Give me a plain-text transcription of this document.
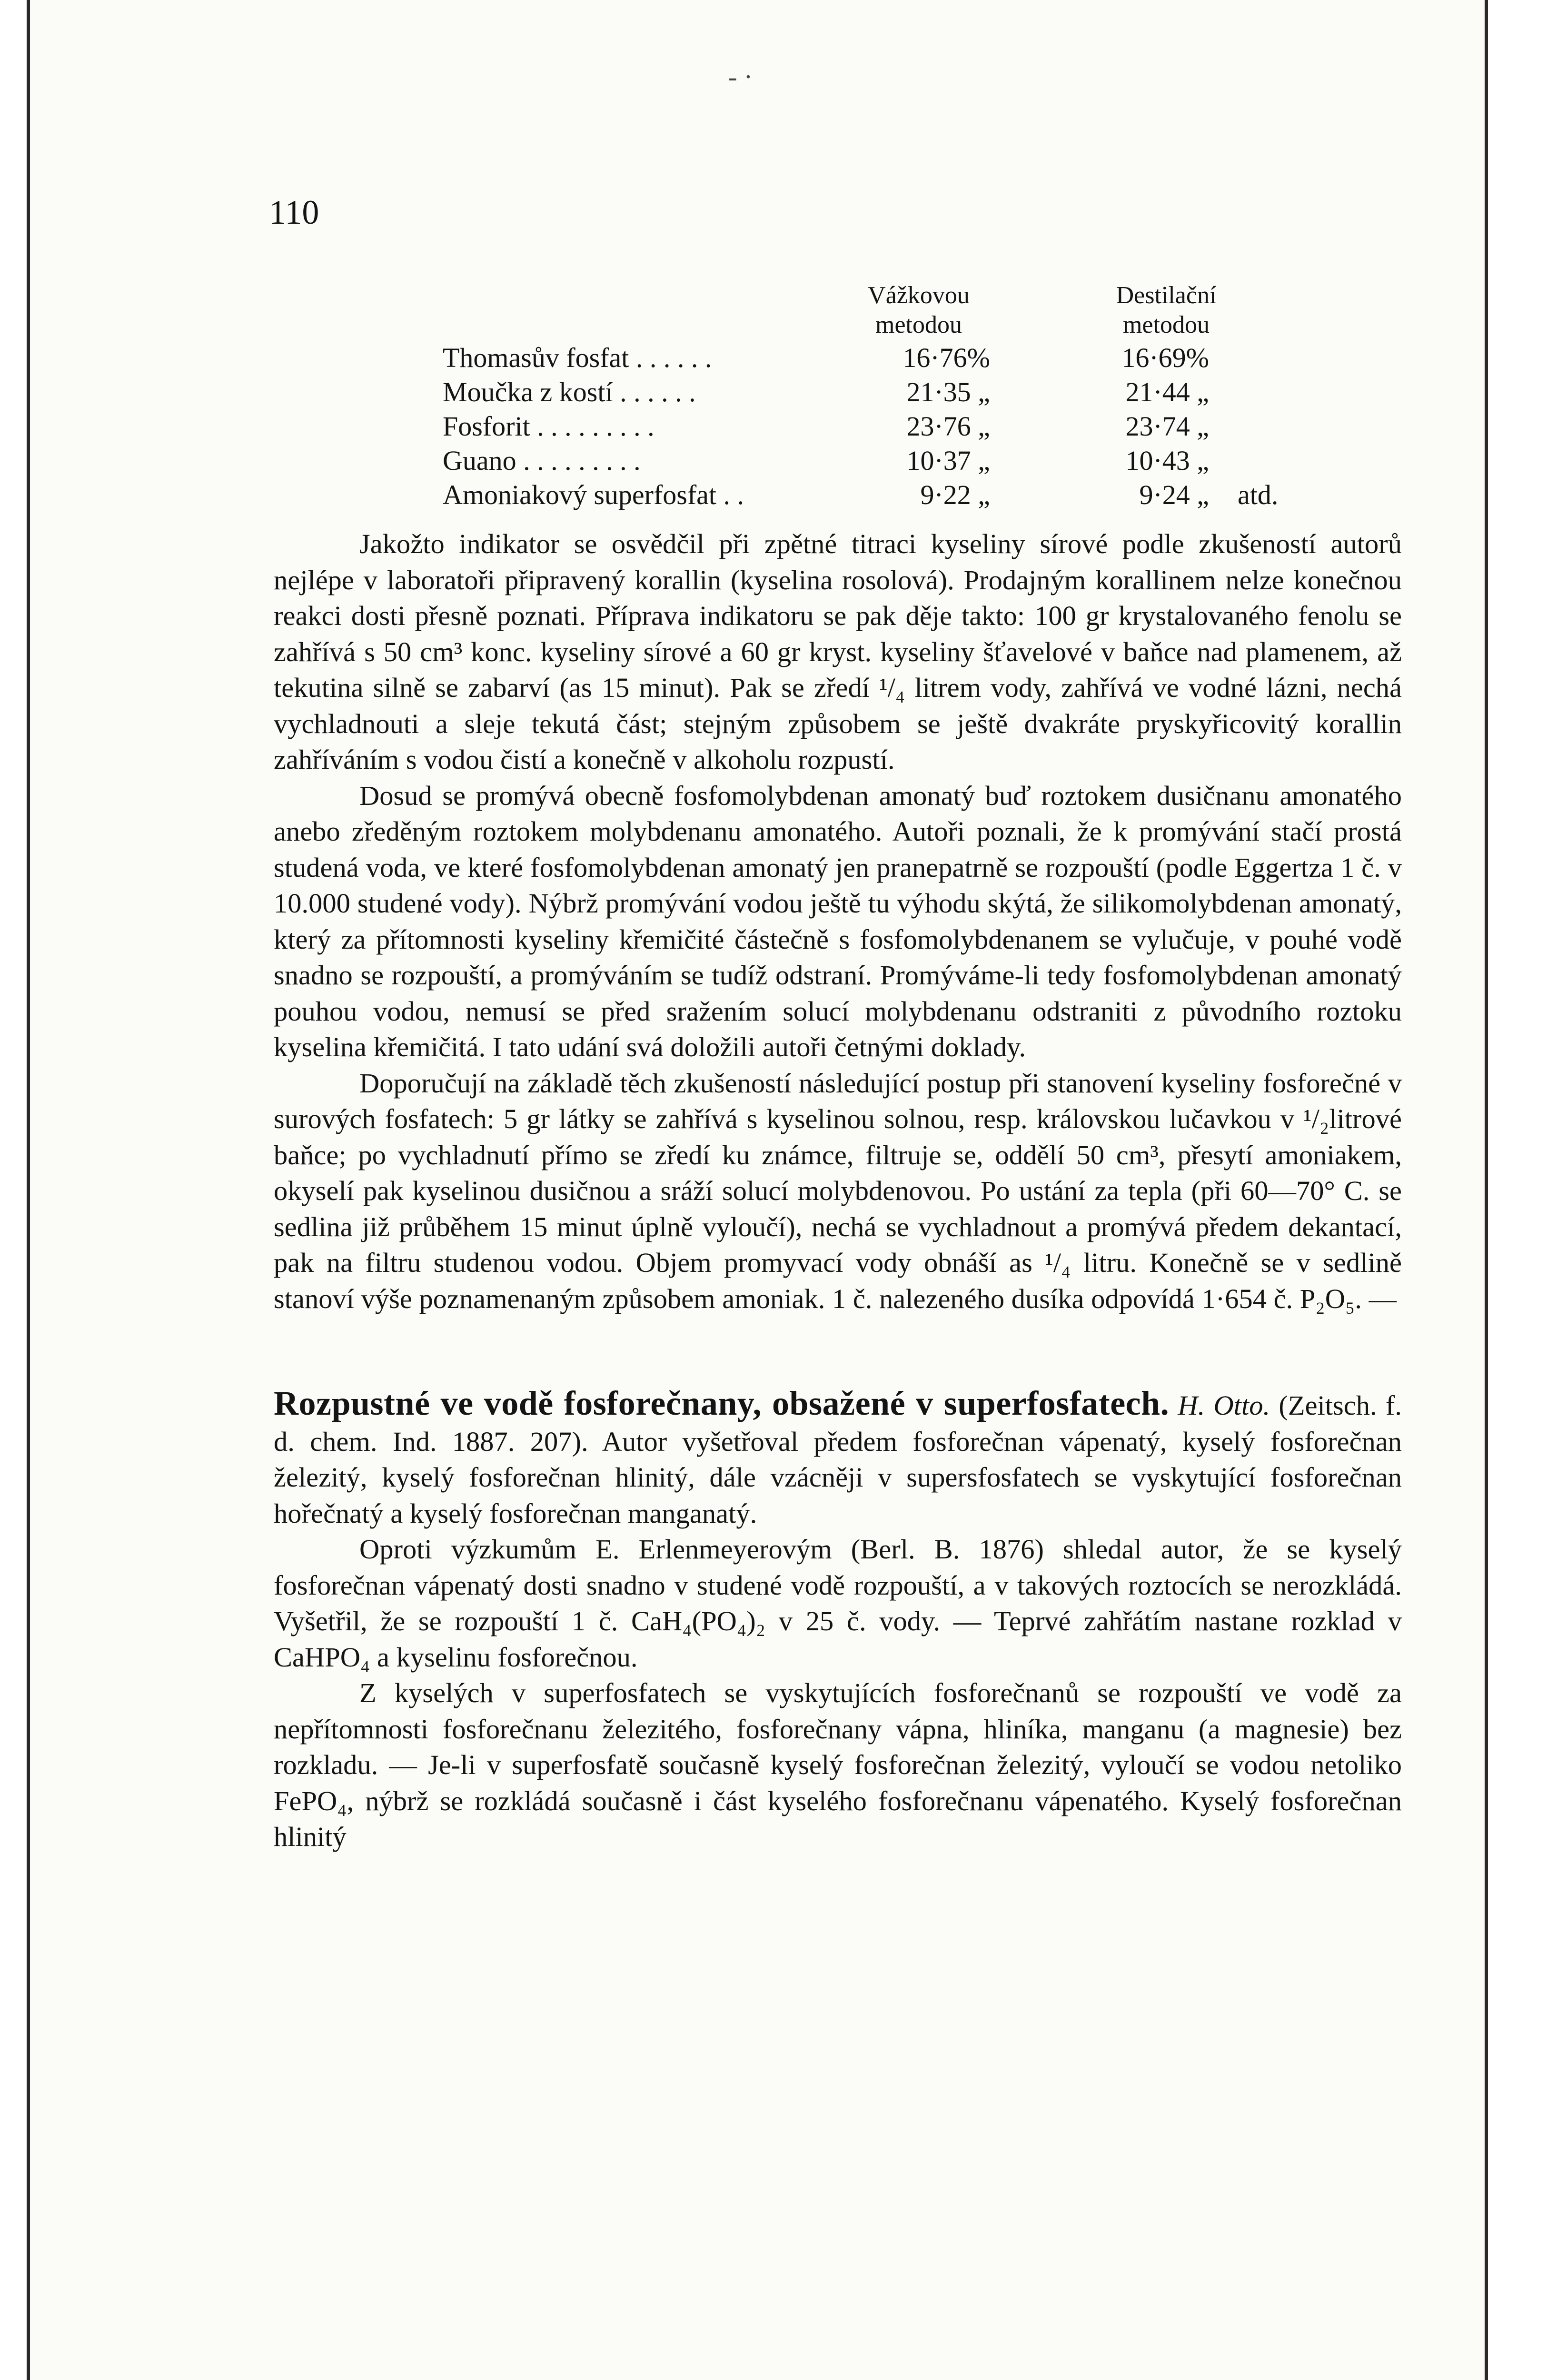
- ·
110
Vážkovou
metodou
Destilační
metodou
Thomasův fosfat . . . . . .	16·76%	16·69%
Moučka z kostí . . . . . .	21·35 „	21·44 „
Fosforit . . . . . . . . .	23·76 „	23·74 „
Guano . . . . . . . . .	10·37 „	10·43 „
Amoniakový superfosfat . .	9·22 „	9·24 „ atd.

Jakožto indikator se osvědčil při zpětné titraci kyseliny sírové podle zkušeností autorů nejlépe v laboratoři připravený korallin (kyselina rosolová). Prodajným korallinem nelze konečnou reakci dosti přesně poznati. Příprava indikatoru se pak děje takto: 100 gr krystalovaného fenolu se zahřívá s 50 cm³ konc. kyseliny sírové a 60 gr kryst. kyseliny šťavelové v baňce nad plamenem, až tekutina silně se zabarví (as 15 minut). Pak se zředí ¹/₄ litrem vody, zahřívá ve vodné lázni, nechá vychladnouti a sleje tekutá část; stejným způsobem se ještě dvakráte pryskyřicovitý korallin zahříváním s vodou čistí a konečně v alkoholu rozpustí.

Dosud se promývá obecně fosfomolybdenan amonatý buď roztokem dusičnanu amonatého anebo zředěným roztokem molybdenanu amonatého. Autoři poznali, že k promývání stačí prostá studená voda, ve které fosfomolybdenan amonatý jen pranepatrně se rozpouští (podle Eggertza 1 č. v 10.000 studené vody). Nýbrž promývání vodou ještě tu výhodu skýtá, že silikomolybdenan amonatý, který za přítomnosti kyseliny křemičité částečně s fosfomolybdenanem se vylučuje, v pouhé vodě snadno se rozpouští, a promýváním se tudíž odstraní. Promýváme-li tedy fosfomolybdenan amonatý pouhou vodou, nemusí se před sražením solucí molybdenanu odstraniti z původního roztoku kyselina křemičitá. I tato udání svá doložili autoři četnými doklady.

Doporučují na základě těch zkušeností následující postup při stanovení kyseliny fosforečné v surových fosfatech: 5 gr látky se zahřívá s kyselinou solnou, resp. královskou lučavkou v ¹/₂litrové baňce; po vychladnutí přímo se zředí ku známce, filtruje se, oddělí 50 cm³, přesytí amoniakem, okyselí pak kyselinou dusičnou a sráží solucí molybdenovou. Po ustání za tepla (při 60—70° C. se sedlina již průběhem 15 minut úplně vyloučí), nechá se vychladnout a promývá předem dekantací, pak na filtru studenou vodou. Objem promyvací vody obnáší as ¹/₄ litru. Konečně se v sedlině stanoví výše poznamenaným způsobem amoniak. 1 č. nalezeného dusíka odpovídá 1·654 č. P₂O₅. —

Rozpustné ve vodě fosforečnany, obsažené v superfosfatech. H. Otto. (Zeitsch. f. d. chem. Ind. 1887. 207). Autor vyšetřoval předem fosforečnan vápenatý, kyselý fosforečnan železitý, kyselý fosforečnan hlinitý, dále vzácněji v supersfosfatech se vyskytující fosforečnan hořečnatý a kyselý fosforečnan manganatý.

Oproti výzkumům E. Erlenmeyerovým (Berl. B. 1876) shledal autor, že se kyselý fosforečnan vápenatý dosti snadno v studené vodě rozpouští, a v takových roztocích se nerozkládá. Vyšetřil, že se rozpouští 1 č. CaH₄(PO₄)₂ v 25 č. vody. — Teprvé zahřátím nastane rozklad v CaHPO₄ a kyselinu fosforečnou.

Z kyselých v superfosfatech se vyskytujících fosforečnanů se rozpouští ve vodě za nepřítomnosti fosforečnanu železitého, fosforečnany vápna, hliníka, manganu (a magnesie) bez rozkladu. — Je-li v superfosfatě současně kyselý fosforečnan železitý, vyloučí se vodou netoliko FePO₄, nýbrž se rozkládá současně i část kyselého fosforečnanu vápenatého. Kyselý fosforečnan hlinitý
